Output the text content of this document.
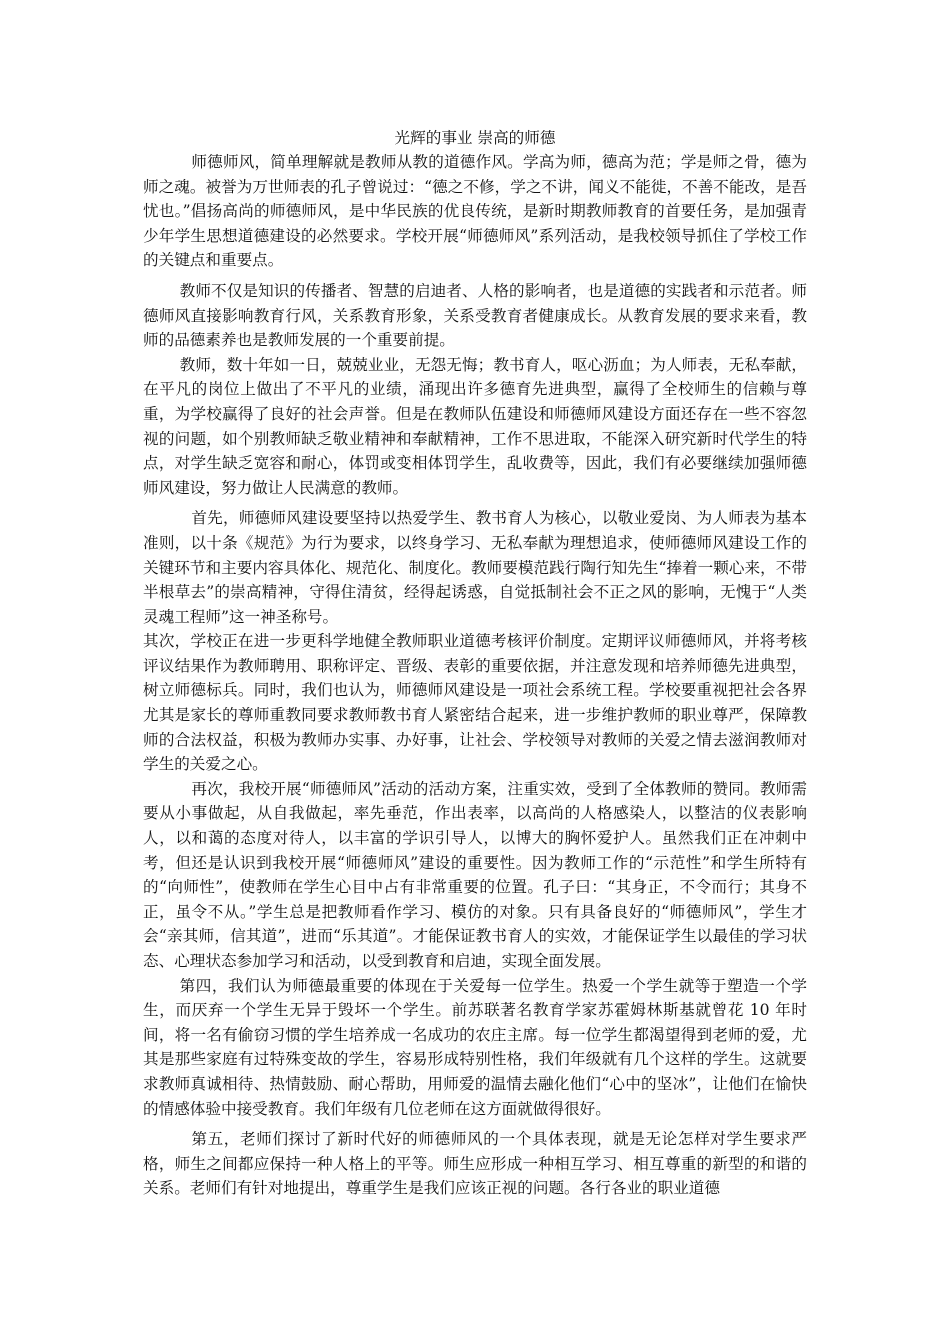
光辉的事业 崇高的师德

师德师风，简单理解就是教师从教的道德作风。学高为师，德高为范；学是师之骨，德为师之魂。被誉为万世师表的孔子曾说过：“德之不修，学之不讲，闻义不能徙，不善不能改，是吾忧也。”倡扬高尚的师德师风，是中华民族的优良传统，是新时期教师教育的首要任务，是加强青少年学生思想道德建设的必然要求。学校开展“师德师风”系列活动，是我校领导抓住了学校工作的关键点和重要点。

教师不仅是知识的传播者、智慧的启迪者、人格的影响者，也是道德的实践者和示范者。师德师风直接影响教育行风，关系教育形象，关系受教育者健康成长。从教育发展的要求来看，教师的品德素养也是教师发展的一个重要前提。

教师，数十年如一日，兢兢业业，无怨无悔；教书育人，呕心沥血；为人师表，无私奉献，在平凡的岗位上做出了不平凡的业绩，涌现出许多德育先进典型，赢得了全校师生的信赖与尊重，为学校赢得了良好的社会声誉。但是在教师队伍建设和师德师风建设方面还存在一些不容忽视的问题，如个别教师缺乏敬业精神和奉献精神，工作不思进取，不能深入研究新时代学生的特点，对学生缺乏宽容和耐心，体罚或变相体罚学生，乱收费等，因此，我们有必要继续加强师德师风建设，努力做让人民满意的教师。

首先，师德师风建设要坚持以热爱学生、教书育人为核心，以敬业爱岗、为人师表为基本准则，以十条《规范》为行为要求，以终身学习、无私奉献为理想追求，使师德师风建设工作的关键环节和主要内容具体化、规范化、制度化。教师要模范践行陶行知先生“捧着一颗心来，不带半根草去”的崇高精神，守得住清贫，经得起诱惑，自觉抵制社会不正之风的影响，无愧于“人类灵魂工程师”这一神圣称号。

其次，学校正在进一步更科学地健全教师职业道德考核评价制度。定期评议师德师风，并将考核评议结果作为教师聘用、职称评定、晋级、表彰的重要依据，并注意发现和培养师德先进典型，树立师德标兵。同时，我们也认为，师德师风建设是一项社会系统工程。学校要重视把社会各界尤其是家长的尊师重教同要求教师教书育人紧密结合起来，进一步维护教师的职业尊严，保障教师的合法权益，积极为教师办实事、办好事，让社会、学校领导对教师的关爱之情去滋润教师对学生的关爱之心。

再次，我校开展“师德师风”活动的活动方案，注重实效，受到了全体教师的赞同。教师需要从小事做起，从自我做起，率先垂范，作出表率，以高尚的人格感染人，以整洁的仪表影响人，以和蔼的态度对待人，以丰富的学识引导人，以博大的胸怀爱护人。虽然我们正在冲刺中考，但还是认识到我校开展“师德师风”建设的重要性。因为教师工作的“示范性”和学生所特有的“向师性”，使教师在学生心目中占有非常重要的位置。孔子曰：“其身正，不令而行；其身不正，虽令不从。”学生总是把教师看作学习、模仿的对象。只有具备良好的“师德师风”，学生才会“亲其师，信其道”，进而“乐其道”。才能保证教书育人的实效，才能保证学生以最佳的学习状态、心理状态参加学习和活动，以受到教育和启迪，实现全面发展。

第四，我们认为师德最重要的体现在于关爱每一位学生。热爱一个学生就等于塑造一个学生，而厌弃一个学生无异于毁坏一个学生。前苏联著名教育学家苏霍姆林斯基就曾花 10 年时间，将一名有偷窃习惯的学生培养成一名成功的农庄主席。每一位学生都渴望得到老师的爱，尤其是那些家庭有过特殊变故的学生，容易形成特别性格，我们年级就有几个这样的学生。这就要求教师真诚相待、热情鼓励、耐心帮助，用师爱的温情去融化他们“心中的坚冰”，让他们在愉快的情感体验中接受教育。我们年级有几位老师在这方面就做得很好。

第五，老师们探讨了新时代好的师德师风的一个具体表现，就是无论怎样对学生要求严格，师生之间都应保持一种人格上的平等。师生应形成一种相互学习、相互尊重的新型的和谐的关系。老师们有针对地提出，尊重学生是我们应该正视的问题。各行各业的职业道德
